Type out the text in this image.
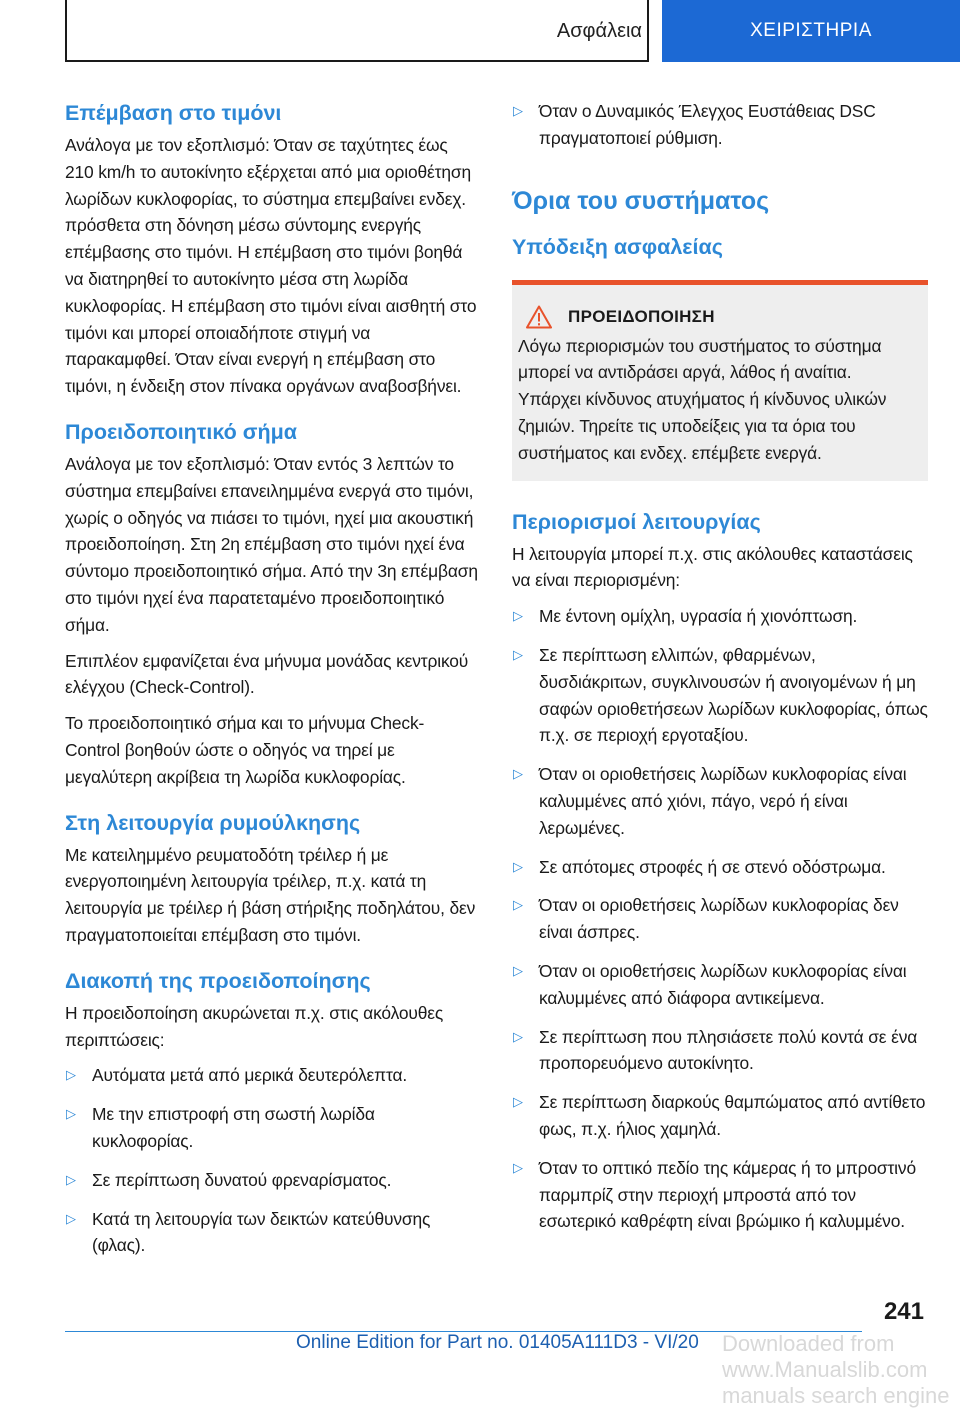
Ασφάλεια	ΧΕΙΡΙΣΤΗΡΙΑ
Επέμβαση στο τιμόνι

Ανάλογα με τον εξοπλισμό: Όταν σε ταχύτητες έως 210 km/h το αυτοκίνητο εξέρχεται από μια οριοθέτηση λωρίδων κυκλοφορίας, το σύστημα επεμβαίνει ενδεχ. πρόσθετα στη δόνηση μέσω σύντομης ενεργής επέμβασης στο τιμόνι. Η επέμβαση στο τιμόνι βοηθά να διατηρηθεί το αυτοκίνητο μέσα στη λωρίδα κυκλοφορίας. Η επέμβαση στο τιμόνι είναι αισθητή στο τιμόνι και μπορεί οποιαδήποτε στιγμή να παρακαμφθεί. Όταν είναι ενεργή η επέμβαση στο τιμόνι, η ένδειξη στον πίνακα οργάνων αναβοσβήνει.

Προειδοποιητικό σήμα

Ανάλογα με τον εξοπλισμό: Όταν εντός 3 λεπτών το σύστημα επεμβαίνει επανειλημμένα ενεργά στο τιμόνι, χωρίς ο οδηγός να πιάσει το τιμόνι, ηχεί μια ακουστική προειδοποίηση. Στη 2η επέμβαση στο τιμόνι ηχεί ένα σύντομο προειδοποιητικό σήμα. Από την 3η επέμβαση στο τιμόνι ηχεί ένα παρατεταμένο προειδοποιητικό σήμα.

Επιπλέον εμφανίζεται ένα μήνυμα μονάδας κεντρικού ελέγχου (Check-Control).

Το προειδοποιητικό σήμα και το μήνυμα Check-Control βοηθούν ώστε ο οδηγός να τηρεί με μεγαλύτερη ακρίβεια τη λωρίδα κυκλοφορίας.

Στη λειτουργία ρυμούλκησης

Με κατειλημμένο ρευματοδότη τρέιλερ ή με ενεργοποιημένη λειτουργία τρέιλερ, π.χ. κατά τη λειτουργία με τρέιλερ ή βάση στήριξης ποδηλάτου, δεν πραγματοποιείται επέμβαση στο τιμόνι.

Διακοπή της προειδοποίησης

Η προειδοποίηση ακυρώνεται π.χ. στις ακόλουθες περιπτώσεις:

▷ Αυτόματα μετά από μερικά δευτερόλεπτα.
▷ Με την επιστροφή στη σωστή λωρίδα κυκλοφορίας.
▷ Σε περίπτωση δυνατού φρεναρίσματος.
▷ Κατά τη λειτουργία των δεικτών κατεύθυνσης (φλας).
▷ Όταν ο Δυναμικός Έλεγχος Ευστάθειας DSC πραγματοποιεί ρύθμιση.
Όρια του συστήματος
Υπόδειξη ασφαλείας
ΠΡΟΕΙΔΟΠΟΙΗΣΗ

Λόγω περιορισμών του συστήματος το σύστημα μπορεί να αντιδράσει αργά, λάθος ή αναίτια. Υπάρχει κίνδυνος ατυχήματος ή κίνδυνος υλικών ζημιών. Τηρείτε τις υποδείξεις για τα όρια του συστήματος και ενδεχ. επέμβετε ενεργά.

Περιορισμοί λειτουργίας

Η λειτουργία μπορεί π.χ. στις ακόλουθες καταστάσεις να είναι περιορισμένη:

▷ Με έντονη ομίχλη, υγρασία ή χιονόπτωση.
▷ Σε περίπτωση ελλιπών, φθαρμένων, δυσδιάκριτων, συγκλινουσών ή ανοιγομένων ή μη σαφών οριοθετήσεων λωρίδων κυκλοφορίας, όπως π.χ. σε περιοχή εργοταξίου.
▷ Όταν οι οριοθετήσεις λωρίδων κυκλοφορίας είναι καλυμμένες από χιόνι, πάγο, νερό ή είναι λερωμένες.
▷ Σε απότομες στροφές ή σε στενό οδόστρωμα.
▷ Όταν οι οριοθετήσεις λωρίδων κυκλοφορίας δεν είναι άσπρες.
▷ Όταν οι οριοθετήσεις λωρίδων κυκλοφορίας είναι καλυμμένες από διάφορα αντικείμενα.
▷ Σε περίπτωση που πλησιάσετε πολύ κοντά σε ένα προπορευόμενο αυτοκίνητο.
▷ Σε περίπτωση διαρκούς θαμπώματος από αντίθετο φως, π.χ. ήλιος χαμηλά.
▷ Όταν το οπτικό πεδίο της κάμερας ή το μπροστινό παρμπρίζ στην περιοχή μπροστά από τον εσωτερικό καθρέφτη είναι βρώμικο ή καλυμμένο.
241
Online Edition for Part no. 01405A111D3 - VI/20 Downloaded from www.Manualslib.com manuals search engine
